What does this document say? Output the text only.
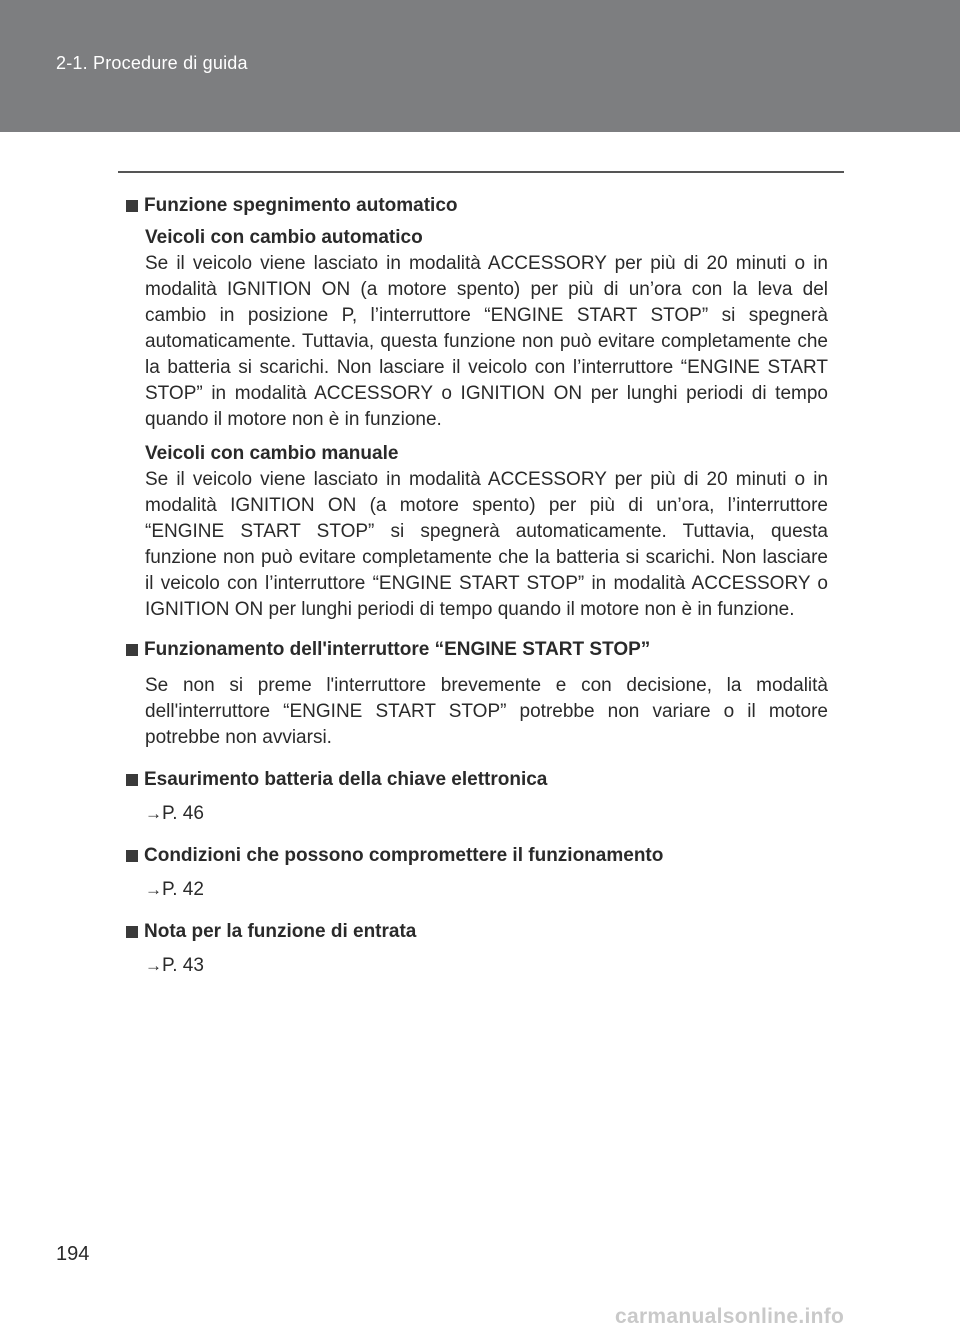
2-1. Procedure di guida
Funzione spegnimento automatico
Veicoli con cambio automatico
Se il veicolo viene lasciato in modalità ACCESSORY per più di 20 minuti o in modalità IGNITION ON (a motore spento) per più di un’ora con la leva del cambio in posizione P, l’interruttore “ENGINE START STOP” si spegnerà automaticamente. Tuttavia, questa funzione non può evitare completamente che la batteria si scarichi. Non lasciare il veicolo con l’interruttore “ENGINE START STOP” in modalità ACCESSORY o IGNITION ON per lunghi periodi di tempo quando il motore non è in funzione.
Veicoli con cambio manuale
Se il veicolo viene lasciato in modalità ACCESSORY per più di 20 minuti o in modalità IGNITION ON (a motore spento) per più di un’ora, l’interruttore “ENGINE START STOP” si spegnerà automaticamente. Tuttavia, questa funzione non può evitare completamente che la batteria si scarichi. Non lasciare il veicolo con l’interruttore “ENGINE START STOP” in modalità ACCESSORY o IGNITION ON per lunghi periodi di tempo quando il motore non è in funzione.
Funzionamento dell'interruttore “ENGINE START STOP”
Se non si preme l'interruttore brevemente e con decisione, la modalità dell'interruttore “ENGINE START STOP” potrebbe non variare o il motore potrebbe non avviarsi.
Esaurimento batteria della chiave elettronica
→P. 46
Condizioni che possono compromettere il funzionamento
→P. 42
Nota per la funzione di entrata
→P. 43
194
carmanualsonline.info
